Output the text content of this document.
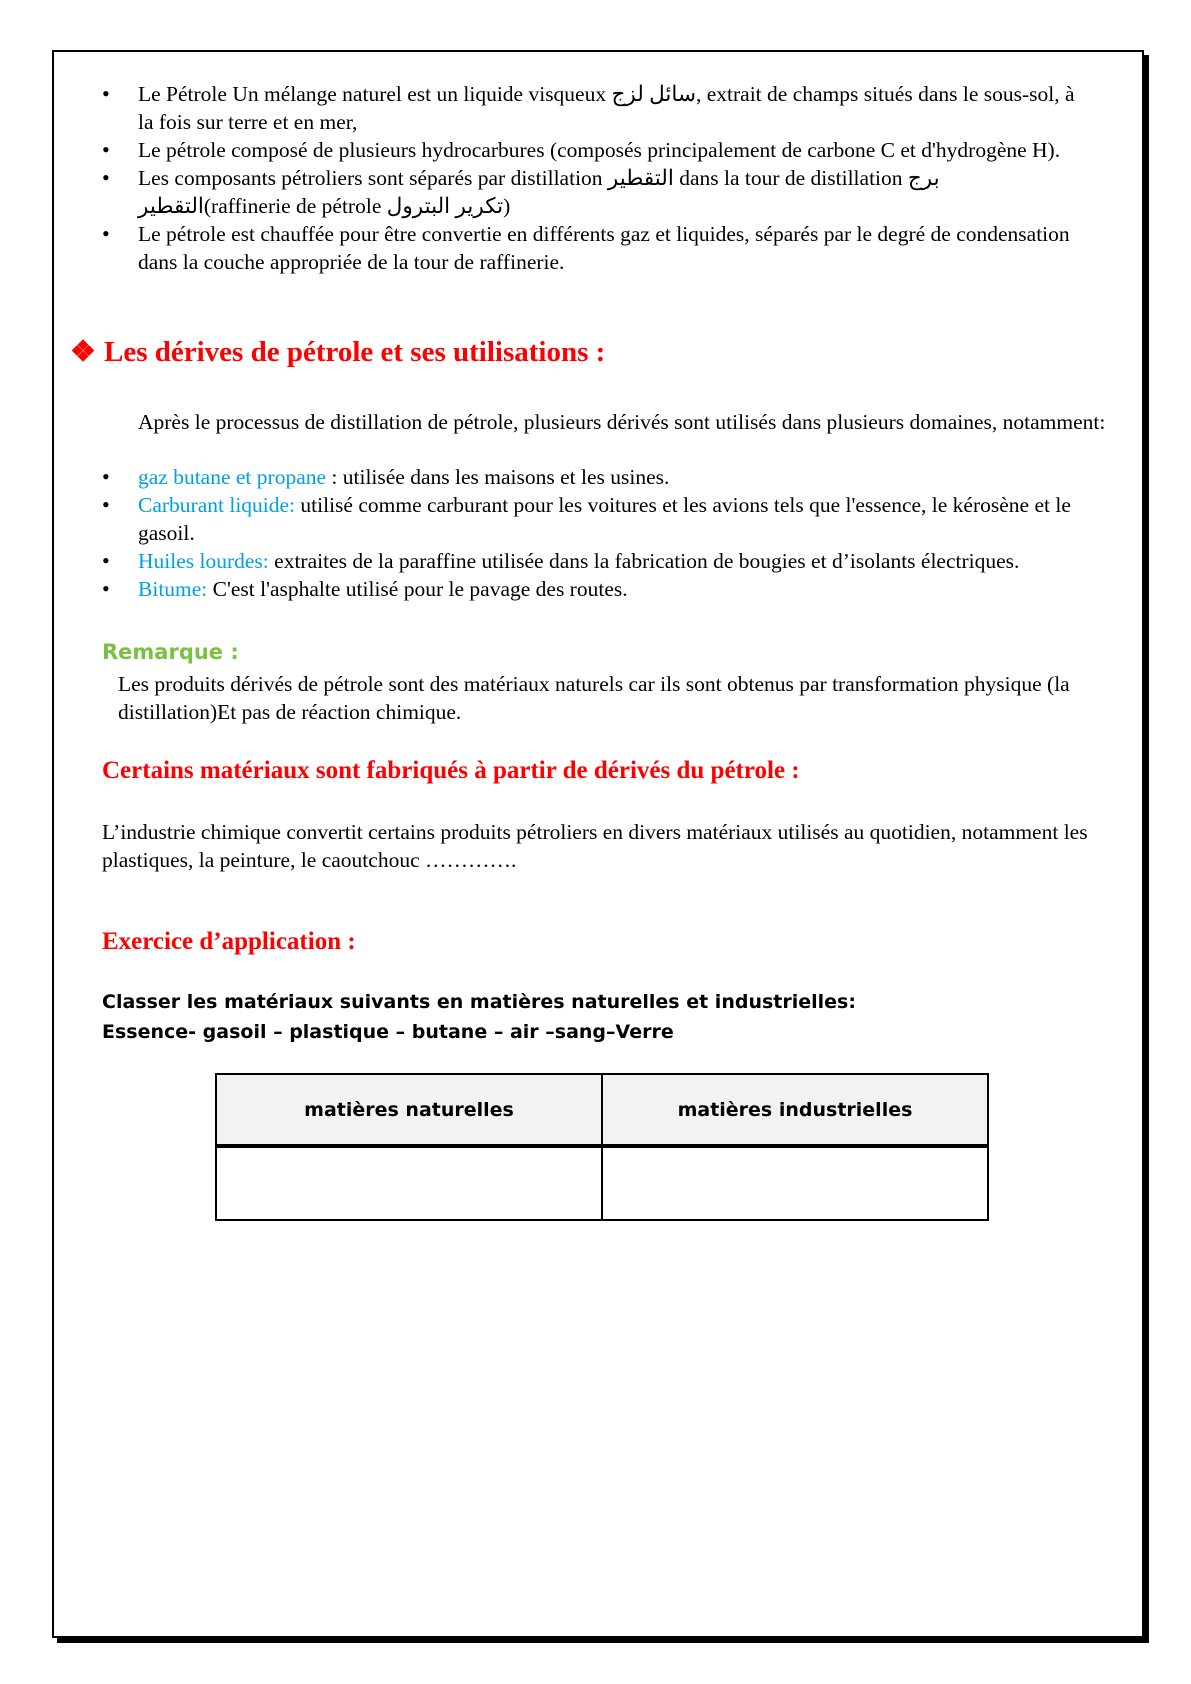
• Le Pétrole Un mélange naturel est un liquide visqueux سائل لزج, extrait de champs situés dans le sous-sol, à la fois sur terre et en mer,
• Le pétrole composé de plusieurs hydrocarbures (composés principalement de carbone C et d'hydrogène H).
• Les composants pétroliers sont séparés par distillation التقطير dans la tour de distillation برج التقطير(raffinerie de pétrole تكرير البترول)
• Le pétrole est chauffée pour être convertie en différents gaz et liquides, séparés par le degré de condensation dans la couche appropriée de la tour de raffinerie.
❖ Les dérives de pétrole et ses utilisations :
Après le processus de distillation de pétrole, plusieurs dérivés sont utilisés dans plusieurs domaines, notamment:
• gaz butane et propane : utilisée dans les maisons et les usines.
• Carburant liquide: utilisé comme carburant pour les voitures et les avions tels que l'essence, le kérosène et le gasoil.
• Huiles lourdes: extraites de la paraffine utilisée dans la fabrication de bougies et d’isolants électriques.
• Bitume: C'est l'asphalte utilisé pour le pavage des routes.
Remarque :
Les produits dérivés de pétrole sont des matériaux naturels car ils sont obtenus par transformation physique (la distillation)Et pas de réaction chimique.
Certains matériaux sont fabriqués à partir de dérivés du pétrole :
L’industrie chimique convertit certains produits pétroliers en divers matériaux utilisés au quotidien, notamment les plastiques, la peinture, le caoutchouc ………….
Exercice d’application :
Classer les matériaux suivants en matières naturelles et industrielles:
Essence- gasoil – plastique – butane – air –sang–Verre
matières naturelles	matières industrielles
